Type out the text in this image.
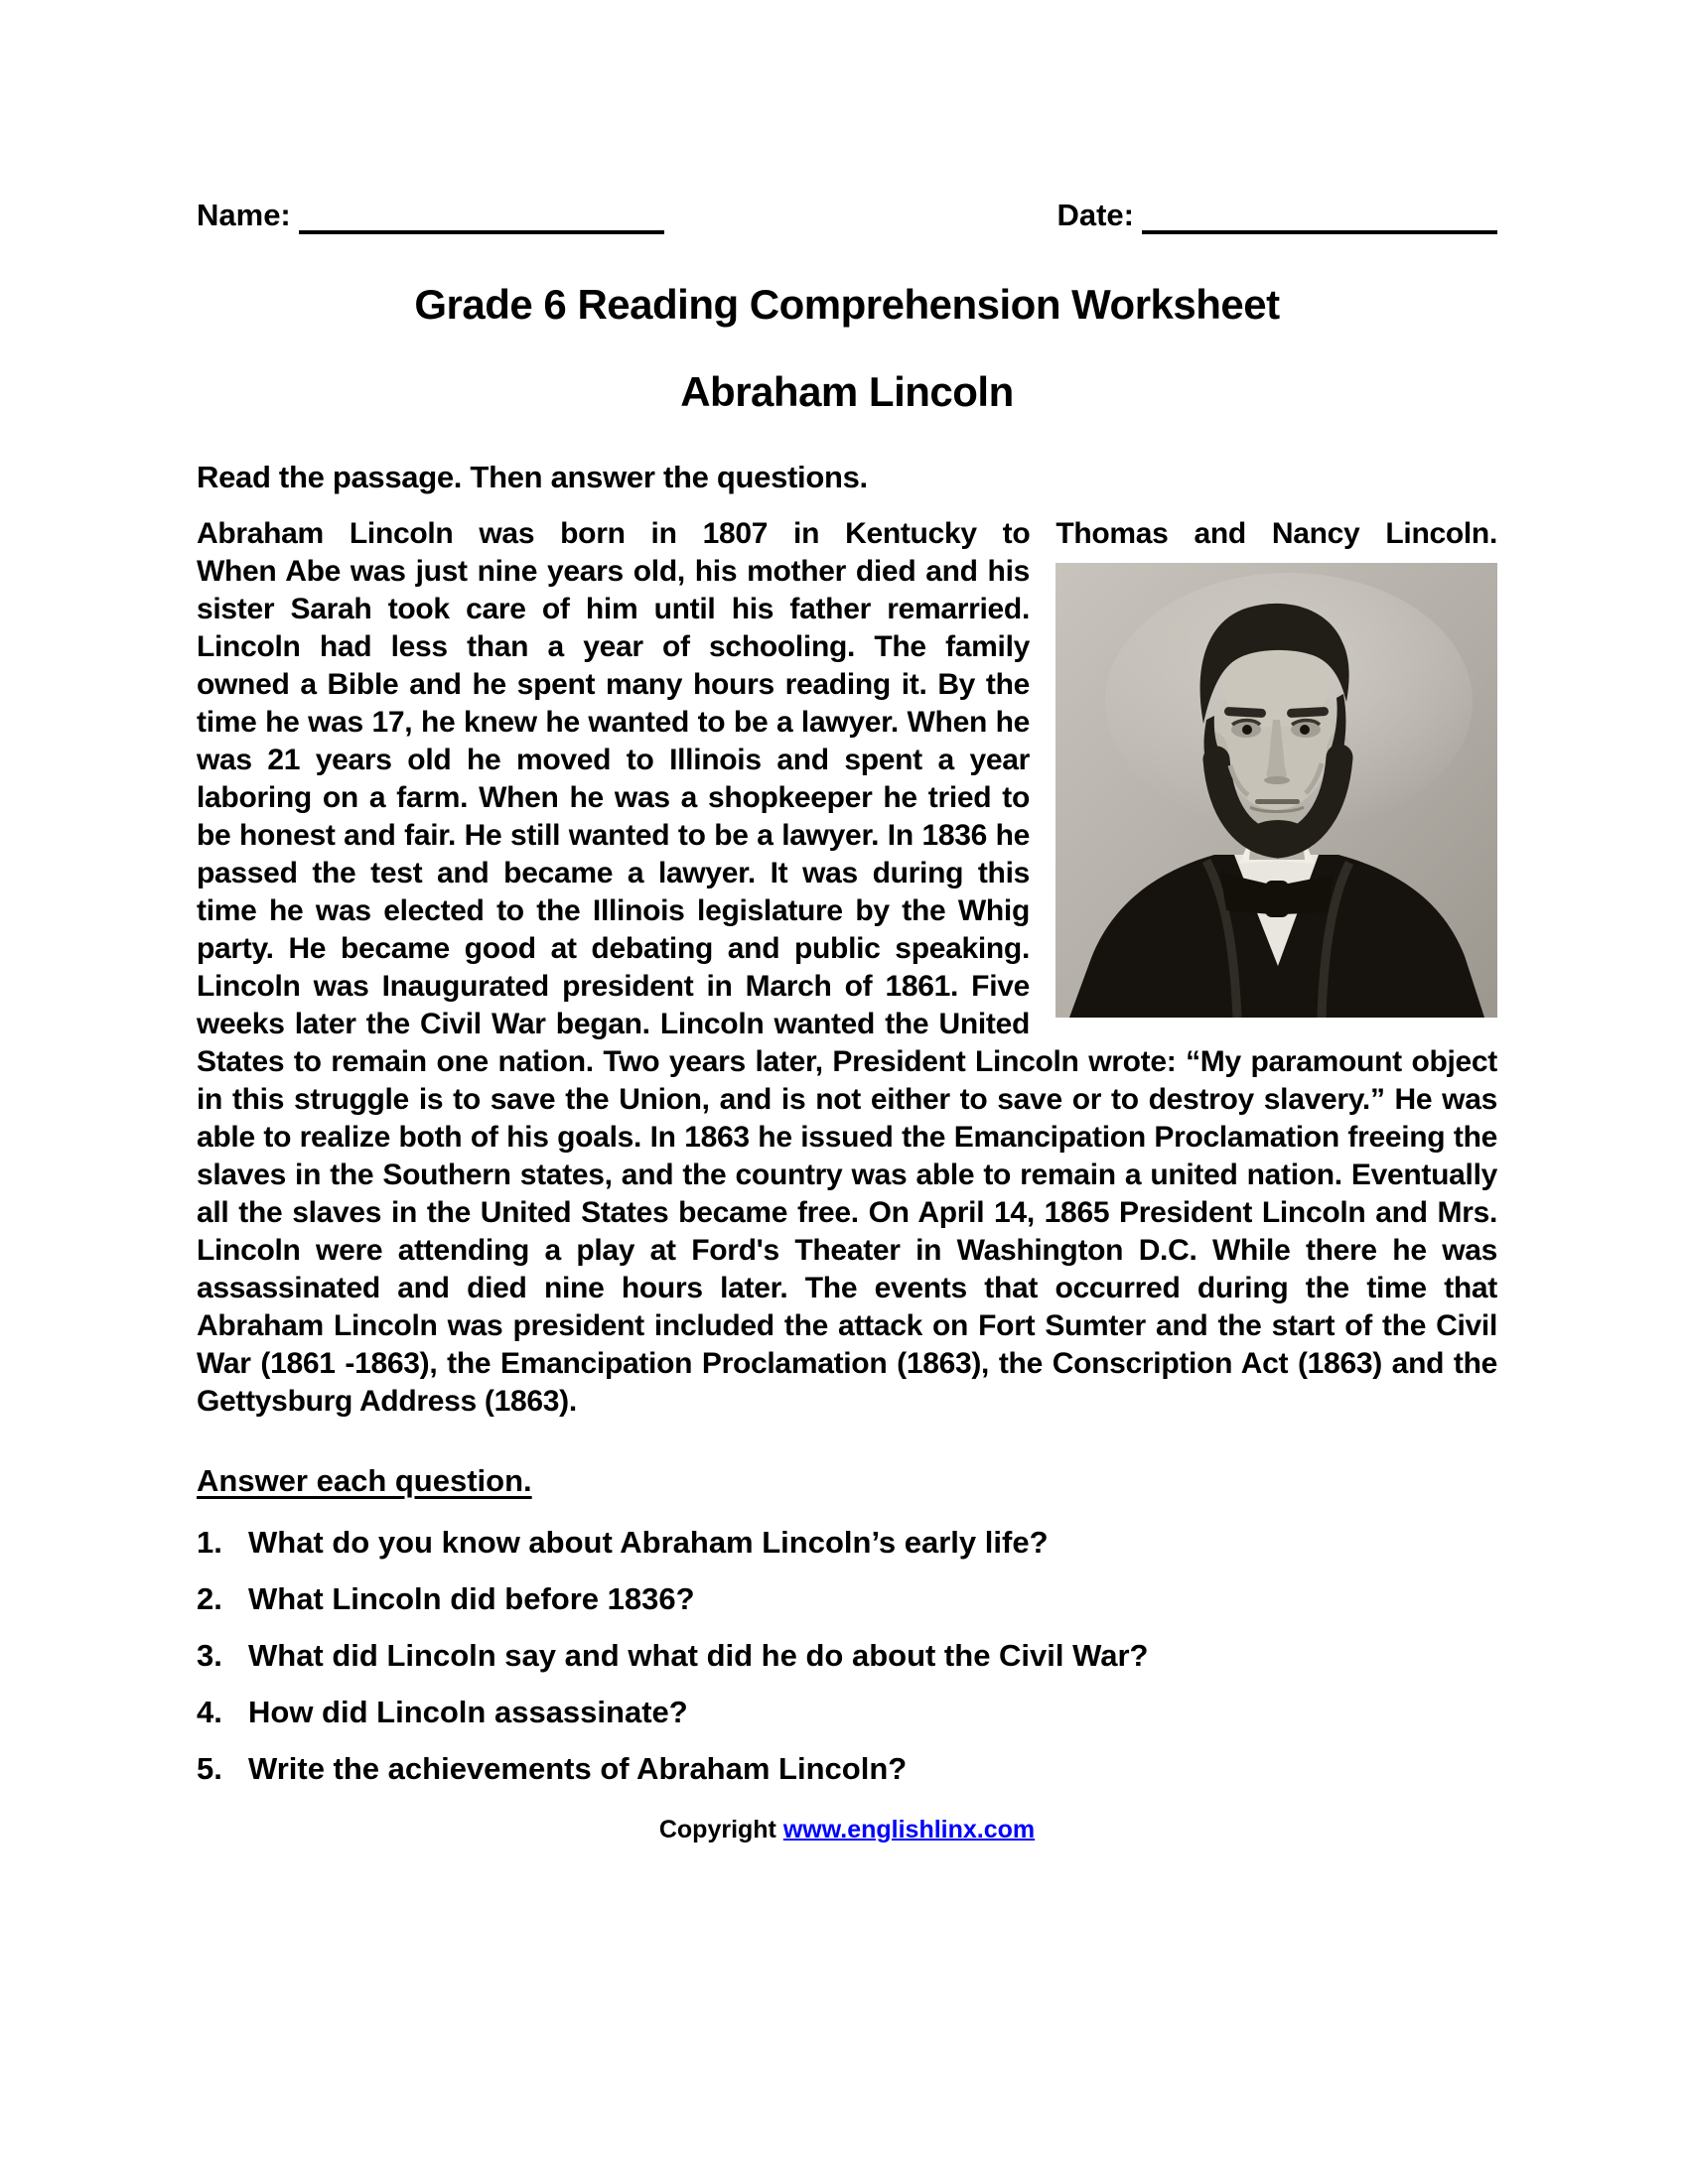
Name:	Date:
Grade 6 Reading Comprehension Worksheet
Abraham Lincoln
Read the passage. Then answer the questions.
Abraham Lincoln was born in 1807 in Kentucky to Thomas and Nancy Lincoln.
When Abe was just nine years old, his mother died and his sister Sarah took care of him until his father remarried. Lincoln had less than a year of schooling. The family owned a Bible and he spent many hours reading it. By the time he was 17, he knew he wanted to be a lawyer. When he was 21 years old he moved to Illinois and spent a year laboring on a farm. When he was a shopkeeper he tried to be honest and fair. He still wanted to be a lawyer. In 1836 he passed the test and became a lawyer. It was during this time he was elected to the Illinois legislature by the Whig party. He became good at debating and public speaking. Lincoln was Inaugurated president in March of 1861. Five weeks later the Civil War began. Lincoln wanted the United States to remain one nation. Two years later, President Lincoln wrote: “My paramount object in this struggle is to save the Union, and is not either to save or to destroy slavery.” He was able to realize both of his goals. In 1863 he issued the Emancipation Proclamation freeing the slaves in the Southern states, and the country was able to remain a united nation. Eventually all the slaves in the United States became free. On April 14, 1865 President Lincoln and Mrs. Lincoln were attending a play at Ford's Theater in Washington D.C. While there he was assassinated and died nine hours later. The events that occurred during the time that Abraham Lincoln was president included the attack on Fort Sumter and the start of the Civil War (1861 -1863), the Emancipation Proclamation (1863), the Conscription Act (1863) and the Gettysburg Address (1863).
Answer each question.
1. What do you know about Abraham Lincoln’s early life?
2. What Lincoln did before 1836?
3. What did Lincoln say and what did he do about the Civil War?
4. How did Lincoln assassinate?
5. Write the achievements of Abraham Lincoln?
Copyright www.englishlinx.com
